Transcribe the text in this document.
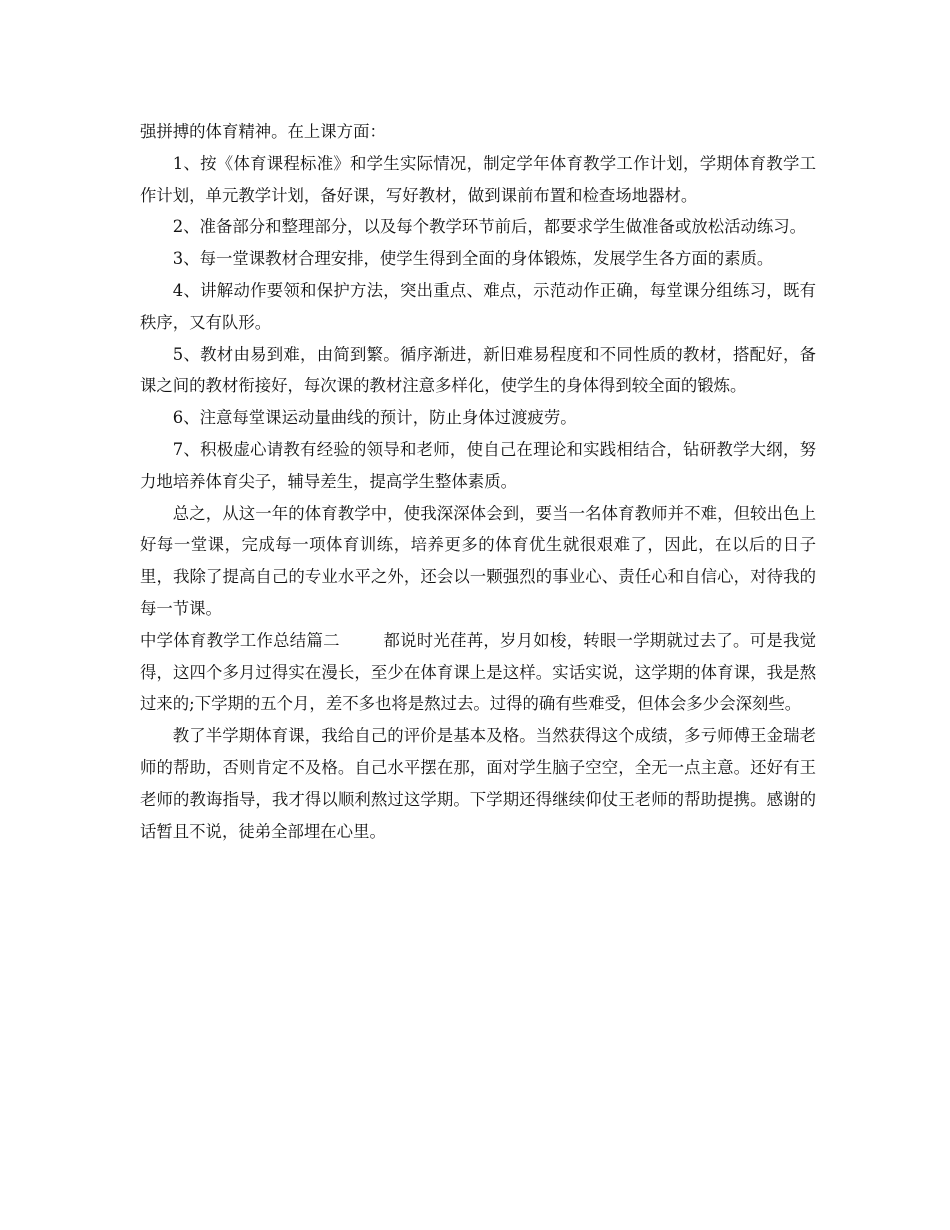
强拼搏的体育精神。在上课方面：

1、按《体育课程标准》和学生实际情况，制定学年体育教学工作计划，学期体育教学工作计划，单元教学计划，备好课，写好教材，做到课前布置和检查场地器材。

2、准备部分和整理部分，以及每个教学环节前后，都要求学生做准备或放松活动练习。

3、每一堂课教材合理安排，使学生得到全面的身体锻炼，发展学生各方面的素质。

4、讲解动作要领和保护方法，突出重点、难点，示范动作正确，每堂课分组练习，既有秩序，又有队形。

5、教材由易到难，由简到繁。循序渐进，新旧难易程度和不同性质的教材，搭配好，备课之间的教材衔接好，每次课的教材注意多样化，使学生的身体得到较全面的锻炼。

6、注意每堂课运动量曲线的预计，防止身体过渡疲劳。

7、积极虚心请教有经验的领导和老师，使自己在理论和实践相结合，钻研教学大纲，努力地培养体育尖子，辅导差生，提高学生整体素质。

总之，从这一年的体育教学中，使我深深体会到，要当一名体育教师并不难，但较出色上好每一堂课，完成每一项体育训练，培养更多的体育优生就很艰难了，因此，在以后的日子里，我除了提高自己的专业水平之外，还会以一颗强烈的事业心、责任心和自信心，对待我的每一节课。

中学体育教学工作总结篇二	都说时光荏苒，岁月如梭，转眼一学期就过去了。可是我觉得，这四个多月过得实在漫长，至少在体育课上是这样。实话实说，这学期的体育课，我是熬过来的;下学期的五个月，差不多也将是熬过去。过得的确有些难受，但体会多少会深刻些。

教了半学期体育课，我给自己的评价是基本及格。当然获得这个成绩，多亏师傅王金瑞老师的帮助，否则肯定不及格。自己水平摆在那，面对学生脑子空空，全无一点主意。还好有王老师的教诲指导，我才得以顺利熬过这学期。下学期还得继续仰仗王老师的帮助提携。感谢的话暂且不说，徒弟全部埋在心里。
